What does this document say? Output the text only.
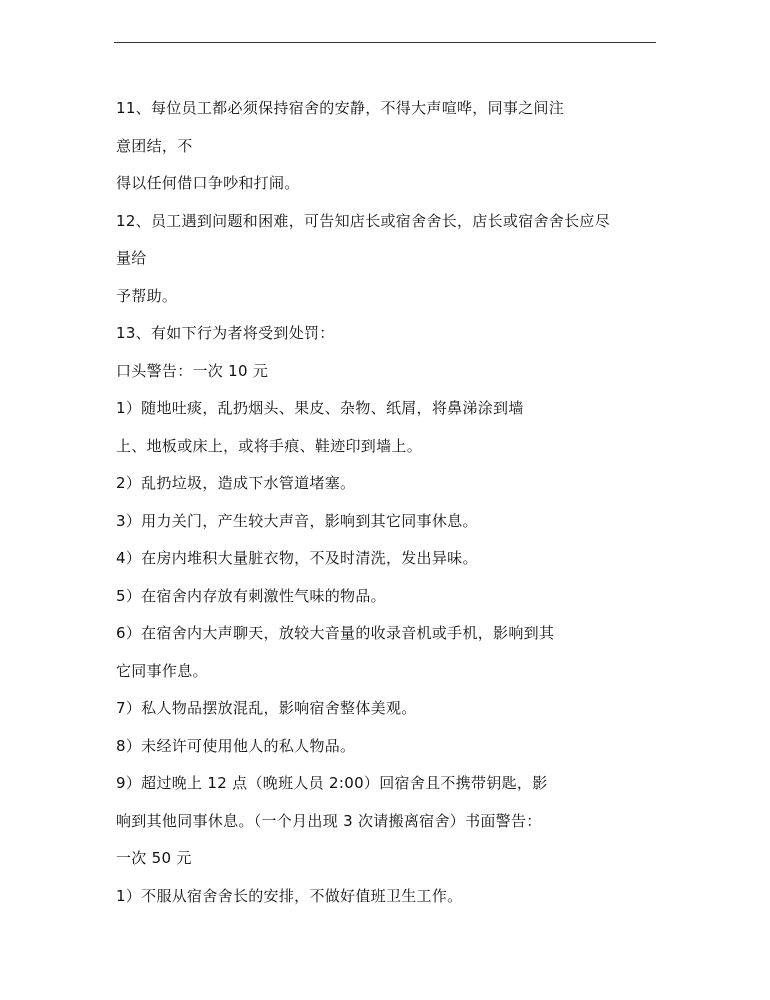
11、每位员工都必须保持宿舍的安静，不得大声喧哗，同事之间注
意团结，不
得以任何借口争吵和打闹。
12、员工遇到问题和困难，可告知店长或宿舍舍长，店长或宿舍舍长应尽
量给
予帮助。
13、有如下行为者将受到处罚：
口头警告：一次 10 元
1）随地吐痰，乱扔烟头、果皮、杂物、纸屑，将鼻涕涂到墙
上、地板或床上，或将手痕、鞋迹印到墙上。
2）乱扔垃圾，造成下水管道堵塞。
3）用力关门，产生较大声音，影响到其它同事休息。
4）在房内堆积大量脏衣物，不及时清洗，发出异味。
5）在宿舍内存放有刺激性气味的物品。
6）在宿舍内大声聊天，放较大音量的收录音机或手机，影响到其
它同事作息。
7）私人物品摆放混乱，影响宿舍整体美观。
8）未经许可使用他人的私人物品。
9）超过晚上 12 点（晚班人员 2:00）回宿舍且不携带钥匙，影
响到其他同事休息。（一个月出现 3 次请搬离宿舍）书面警告：
一次 50 元
1）不服从宿舍舍长的安排，不做好值班卫生工作。
